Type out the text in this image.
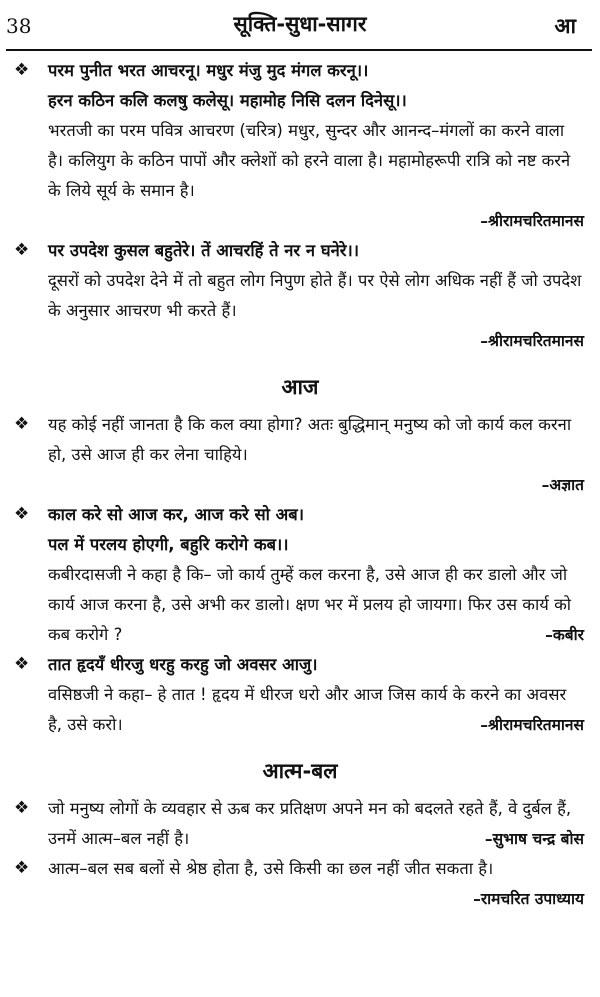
38	सूक्ति-सुधा-सागर	आ
❖ परम पुनीत भरत आचरनू। मधुर मंजु मुद मंगल करनू।।
हरन कठिन कलि कलषु कलेसू। महामोह निसि दलन दिनेसू।।
भरतजी का परम पवित्र आचरण (चरित्र) मधुर, सुन्दर और आनन्द–मंगलों का करने वाला है। कलियुग के कठिन पापों और क्लेशों को हरने वाला है। महामोहरूपी रात्रि को नष्ट करने के लिये सूर्य के समान है।
–श्रीरामचरितमानस
❖ पर उपदेश कुसल बहुतेरे। तें आचरहिं ते नर न घनेरे।।
दूसरों को उपदेश देने में तो बहुत लोग निपुण होते हैं। पर ऐसे लोग अधिक नहीं हैं जो उपदेश के अनुसार आचरण भी करते हैं।
–श्रीरामचरितमानस
आज
❖ यह कोई नहीं जानता है कि कल क्या होगा? अतः बुद्धिमान् मनुष्य को जो कार्य कल करना हो, उसे आज ही कर लेना चाहिये।
–अज्ञात
❖ काल करे सो आज कर, आज करे सो अब।
पल में परलय होएगी, बहुरि करोगे कब।।
कबीरदासजी ने कहा है कि– जो कार्य तुम्हें कल करना है, उसे आज ही कर डालो और जो कार्य आज करना है, उसे अभी कर डालो। क्षण भर में प्रलय हो जायगा। फिर उस कार्य को कब करोगे ?	–कबीर
❖ तात हृदयँ धीरजु धरहु करहु जो अवसर आजु।
वसिष्ठजी ने कहा– हे तात ! हृदय में धीरज धरो और आज जिस कार्य के करने का अवसर है, उसे करो।	–श्रीरामचरितमानस
आत्म-बल
❖ जो मनुष्य लोगों के व्यवहार से ऊब कर प्रतिक्षण अपने मन को बदलते रहते हैं, वे दुर्बल हैं, उनमें आत्म–बल नहीं है।	–सुभाष चन्द्र बोस
❖ आत्म–बल सब बलों से श्रेष्ठ होता है, उसे किसी का छल नहीं जीत सकता है।
–रामचरित उपाध्याय
